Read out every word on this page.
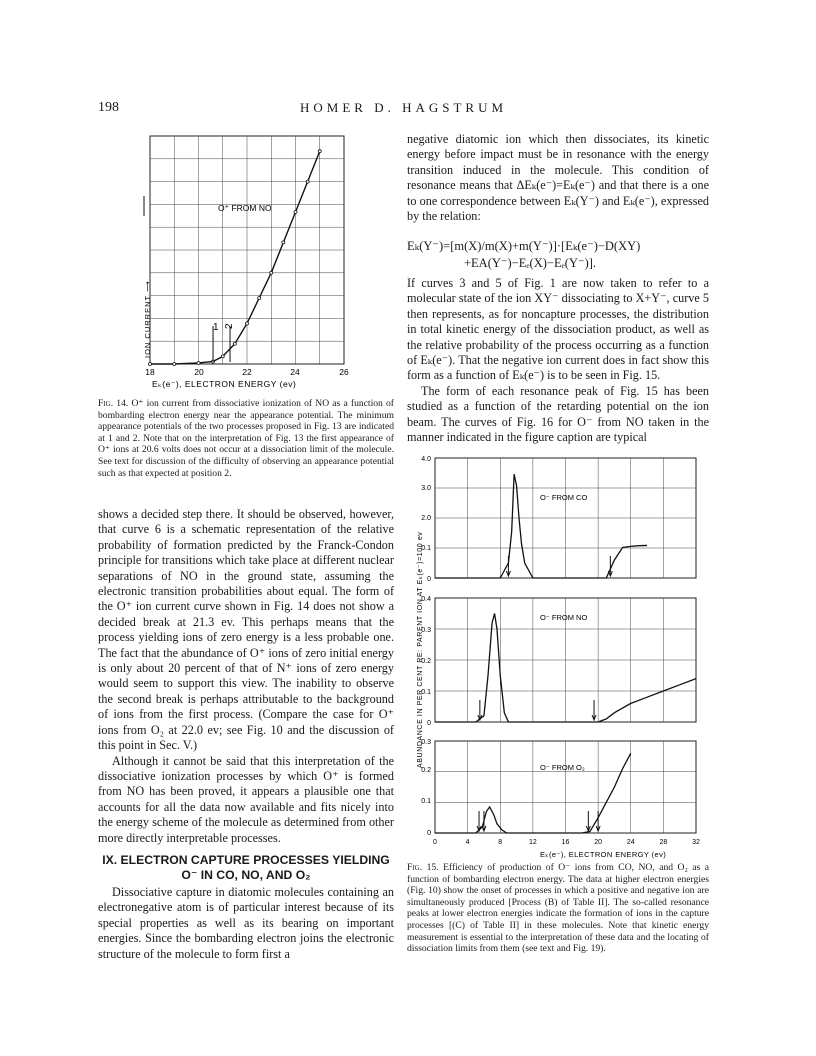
198	HOMER D. HAGSTRUM
O⁺ FROM NO
ION CURRENT ⟶	1 2
18	20	22	24	26
Eₖ(e⁻), ELECTRON ENERGY (ev)
Fig. 14. O⁺ ion current from dissociative ionization of NO as a function of bombarding electron energy near the appearance potential. The minimum appearance potentials of the two processes proposed in Fig. 13 are indicated at 1 and 2. Note that on the interpretation of Fig. 13 the first appearance of O⁺ ions at 20.6 volts does not occur at a dissociation limit of the molecule. See text for discussion of the difficulty of observing an appearance potential such as that expected at position 2.

shows a decided step there. It should be observed, however, that curve 6 is a schematic representation of the relative probability of formation predicted by the Franck-Condon principle for transitions which take place at different nuclear separations of NO in the ground state, assuming the electronic transition probabilities about equal. The form of the O⁺ ion current curve shown in Fig. 14 does not show a decided break at 21.3 ev. This perhaps means that the process yielding ions of zero energy is a less probable one. The fact that the abundance of O⁺ ions of zero initial energy is only about 20 percent of that of N⁺ ions of zero energy would seem to support this view. The inability to observe the second break is perhaps attributable to the background of ions from the first process. (Compare the case for O⁺ ions from O₂ at 22.0 ev; see Fig. 10 and the discussion of this point in Sec. V.)

Although it cannot be said that this interpretation of the dissociative ionization processes by which O⁺ is formed from NO has been proved, it appears a plausible one that accounts for all the data now available and fits nicely into the energy scheme of the molecule as determined from other more directly interpretable processes.

IX. ELECTRON CAPTURE PROCESSES YIELDING O⁻ IN CO, NO, AND O₂

Dissociative capture in diatomic molecules containing an electronegative atom is of particular interest because of its special properties as well as its bearing on important energies. Since the bombarding electron joins the electronic structure of the molecule to form first a

negative diatomic ion which then dissociates, its kinetic energy before impact must be in resonance with the energy transition induced in the molecule. This condition of resonance means that ΔEₖ(e⁻)=Eₖ(e⁻) and that there is a one to one correspondence between Eₖ(Y⁻) and Eₖ(e⁻), expressed by the relation:

Eₖ(Y⁻)=[m(X)/m(X)+m(Y⁻)]·[Eₖ(e⁻)−D(XY)
+EA(Y⁻)−Eₑ(X)−Eₑ(Y⁻)].

If curves 3 and 5 of Fig. 1 are now taken to refer to a molecular state of the ion XY⁻ dissociating to X+Y⁻, curve 5 then represents, as for noncapture processes, the distribution in total kinetic energy of the dissociation product, as well as the relative probability of the process occurring as a function of Eₖ(e⁻). That the negative ion current does in fact show this form as a function of Eₖ(e⁻) is to be seen in Fig. 15.

The form of each resonance peak of Fig. 15 has been studied as a function of the retarding potential on the ion beam. The curves of Fig. 16 for O⁻ from NO taken in the manner indicated in the figure caption are typical

ABUNDANCE IN PER CENT RE: PARENT ION AT Eₖ(e⁻)=100 ev
O⁻ FROM CO
O⁻ FROM NO
O⁻ FROM O₂
4.0
3.0
2.0
0.1
0
0.4
0.3
0.2
0.1
0
0.3
0.2
0.1
0
0	4	8	12	16	20	24	28	32
Eₖ(e⁻), ELECTRON ENERGY (ev)
Fig. 15. Efficiency of production of O⁻ ions from CO, NO, and O₂ as a function of bombarding electron energy. The data at higher electron energies (Fig. 10) show the onset of processes in which a positive and negative ion are simultaneously produced [Process (B) of Table II]. The so-called resonance peaks at lower electron energies indicate the formation of ions in the capture processes [(C) of Table II] in these molecules. Note that kinetic energy measurement is essential to the interpretation of these data and the locating of dissociation limits from them (see text and Fig. 19).
